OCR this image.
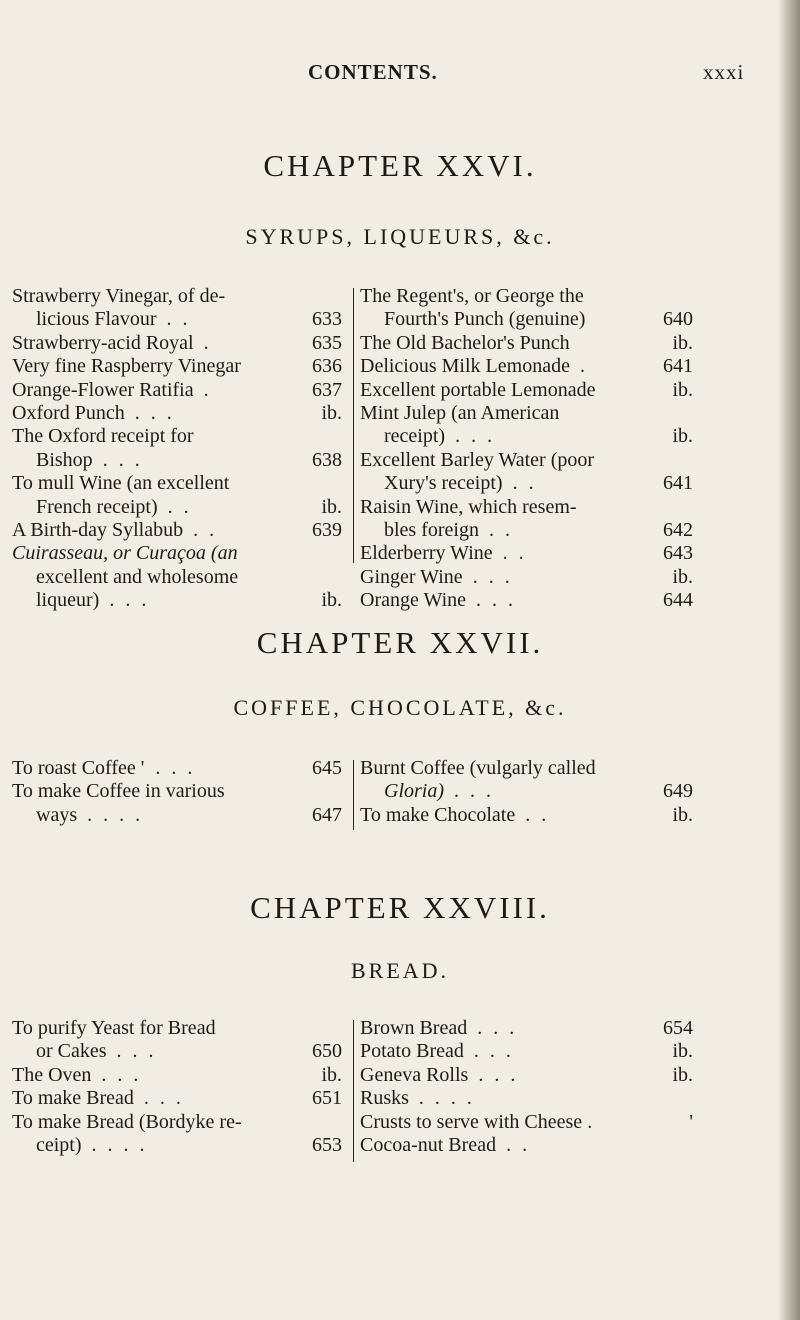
CONTENTS.	xxxi
CHAPTER XXVI.
SYRUPS, LIQUEURS, &c.
Strawberry Vinegar, of de-
licious Flavour . .	633
Strawberry-acid Royal .	635
Very fine Raspberry Vinegar	636
Orange-Flower Ratifia .	637
Oxford Punch . . .	ib.
The Oxford receipt for
Bishop . . .	638
To mull Wine (an excellent
French receipt) . .	ib.
A Birth-day Syllabub . .	639
Cuirasseau, or Curaçoa (an
excellent and wholesome
liqueur) . . .	ib.
The Regent's, or George the
Fourth's Punch (genuine)	640
The Old Bachelor's Punch	ib.
Delicious Milk Lemonade .	641
Excellent portable Lemonade	ib.
Mint Julep (an American
receipt) . . .	ib.
Excellent Barley Water (poor
Xury's receipt) . .	641
Raisin Wine, which resem-
bles foreign . .	642
Elderberry Wine . .	643
Ginger Wine . . .	ib.
Orange Wine . . .	644
CHAPTER XXVII.
COFFEE, CHOCOLATE, &c.
To roast Coffee ' . . .	645
To make Coffee in various
ways . . . .	647
Burnt Coffee (vulgarly called
Gloria) . . .	649
To make Chocolate . .	ib.
CHAPTER XXVIII.
BREAD.
To purify Yeast for Bread
or Cakes . . .	650
The Oven . . .	ib.
To make Bread . . .	651
To make Bread (Bordyke re-
ceipt) . . . .	653
Brown Bread . . .	654
Potato Bread . . .	ib.
Geneva Rolls . . .	ib.
Rusks . . . .
Crusts to serve with Cheese .	'
Cocoa-nut Bread . .
